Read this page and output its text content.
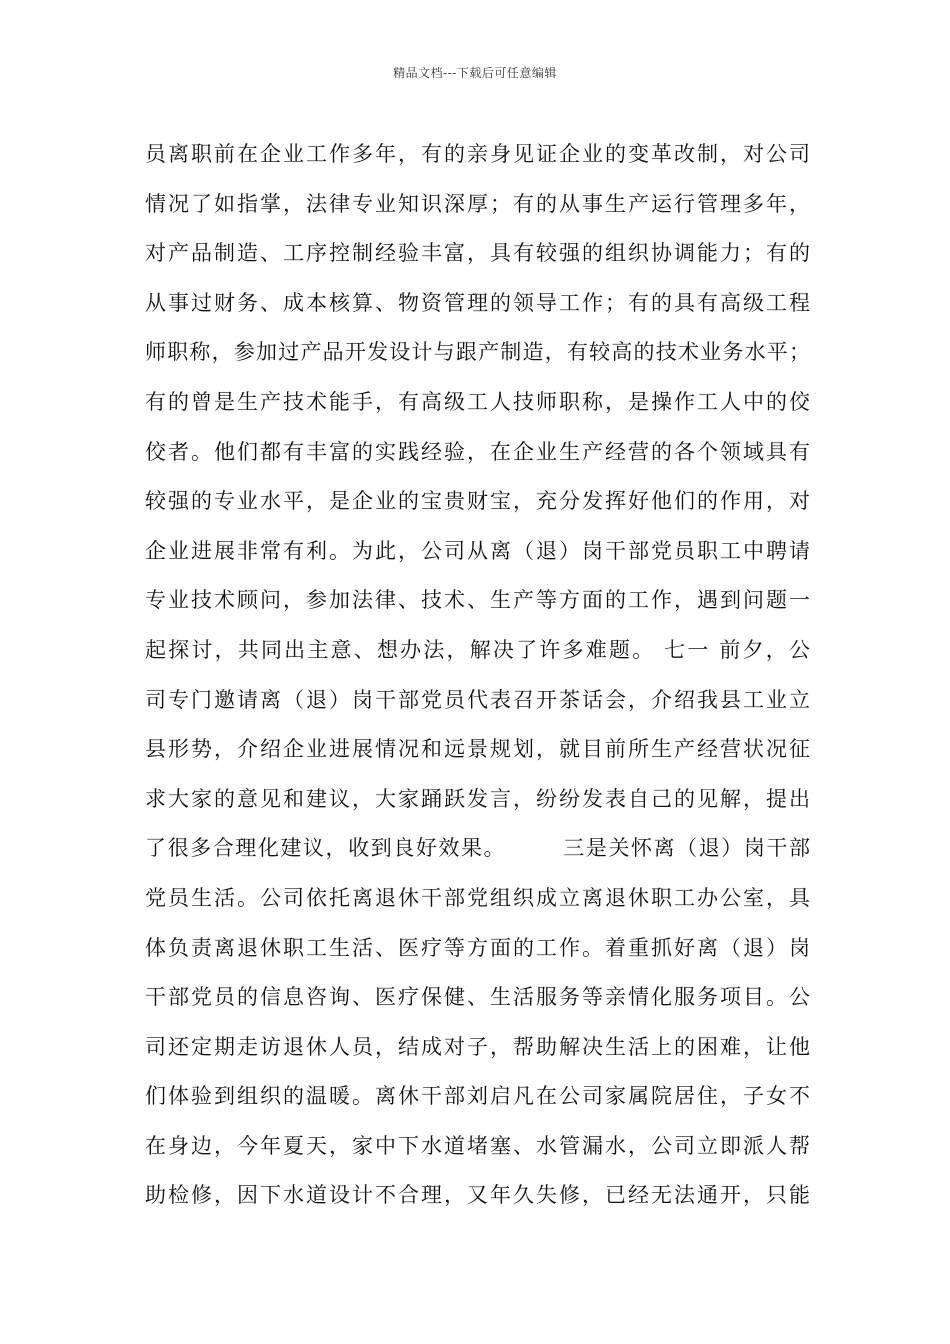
精品文档---下载后可任意编辑
员离职前在企业工作多年，有的亲身见证企业的变革改制，对公司
情况了如指掌，法律专业知识深厚；有的从事生产运行管理多年，
对产品制造、工序控制经验丰富，具有较强的组织协调能力；有的
从事过财务、成本核算、物资管理的领导工作；有的具有高级工程
师职称，参加过产品开发设计与跟产制造，有较高的技术业务水平；
有的曾是生产技术能手，有高级工人技师职称，是操作工人中的佼
佼者。他们都有丰富的实践经验，在企业生产经营的各个领域具有
较强的专业水平，是企业的宝贵财宝，充分发挥好他们的作用，对
企业进展非常有利。为此，公司从离（退）岗干部党员职工中聘请
专业技术顾问，参加法律、技术、生产等方面的工作，遇到问题一
起探讨，共同出主意、想办法，解决了许多难题。 七一 前夕，公
司专门邀请离（退）岗干部党员代表召开茶话会，介绍我县工业立
县形势，介绍企业进展情况和远景规划，就目前所生产经营状况征
求大家的意见和建议，大家踊跃发言，纷纷发表自己的见解，提出
了很多合理化建议，收到良好效果。　　　三是关怀离（退）岗干部
党员生活。公司依托离退休干部党组织成立离退休职工办公室，具
体负责离退休职工生活、医疗等方面的工作。着重抓好离（退）岗
干部党员的信息咨询、医疗保健、生活服务等亲情化服务项目。公
司还定期走访退休人员，结成对子，帮助解决生活上的困难，让他
们体验到组织的温暖。离休干部刘启凡在公司家属院居住，子女不
在身边，今年夏天，家中下水道堵塞、水管漏水，公司立即派人帮
助检修，因下水道设计不合理，又年久失修，已经无法通开，只能
